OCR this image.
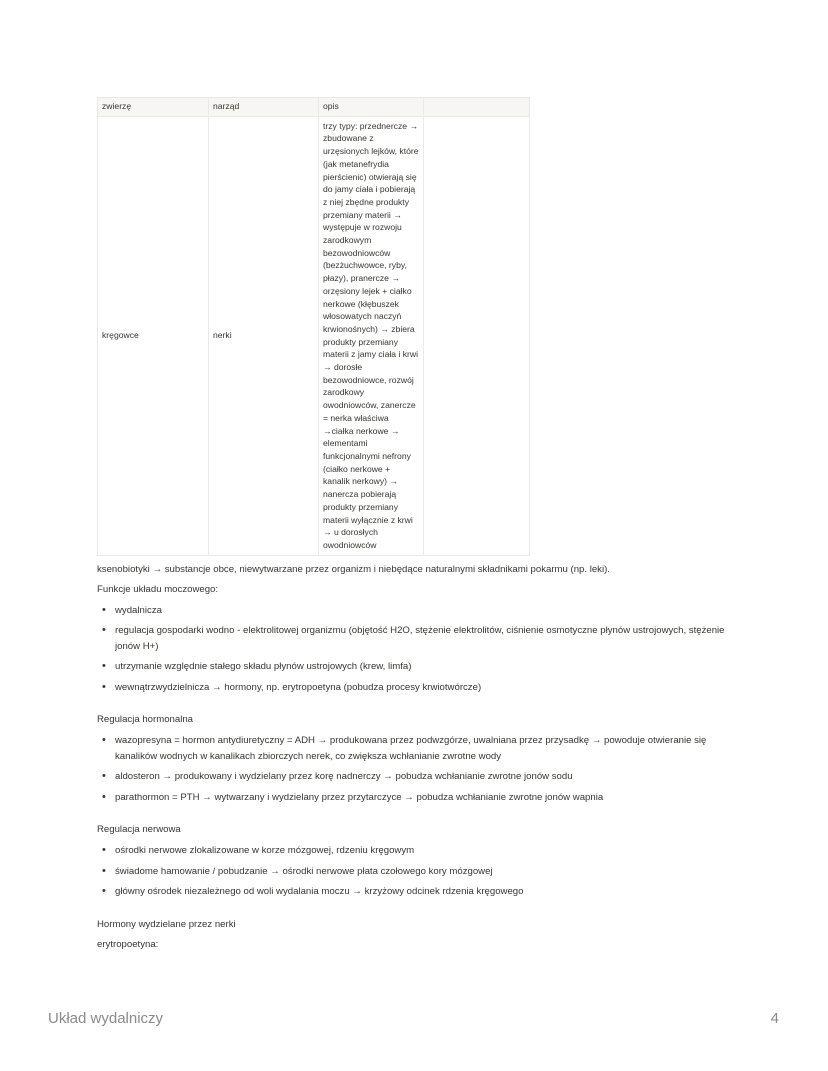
zwierzę	narząd	opis	
kręgowce	nerki	trzy typy: przednercze → zbudowane z urzęsionych lejków, które (jak metanefrydia pierścienic) otwierają się do jamy ciała i pobierają z niej zbędne produkty przemiany materii → występuje w rozwoju zarodkowym bezowodniowców (bezżuchwowce, ryby, płazy), pranercze → orzęsiony lejek + ciałko nerkowe (kłębuszek włosowatych naczyń krwionośnych) → zbiera produkty przemiany materii z jamy ciała i krwi → dorosłe bezowodniowce, rozwój zarodkowy owodniowców, zanercze = nerka właściwa →ciałka nerkowe → elementami funkcjonalnymi nefrony (ciałko nerkowe + kanalik nerkowy) → nanercza pobierają produkty przemiany materii wyłącznie z krwi → u dorosłych owodniowców	

ksenobiotyki → substancje obce, niewytwarzane przez organizm i niebędące naturalnymi składnikami pokarmu (np. leki).

Funkcje układu moczowego:

• wydalnicza
• regulacja gospodarki wodno - elektrolitowej organizmu (objętość H2O, stężenie elektrolitów, ciśnienie osmotyczne płynów ustrojowych, stężenie jonów H+)
• utrzymanie względnie stałego składu płynów ustrojowych (krew, limfa)
• wewnątrzwydzielnicza → hormony, np. erytropoetyna (pobudza procesy krwiotwórcze)

Regulacja hormonalna

• wazopresyna = hormon antydiuretyczny = ADH → produkowana przez podwzgórze, uwalniana przez przysadkę → powoduje otwieranie się kanalików wodnych w kanalikach zbiorczych nerek, co zwiększa wchłanianie zwrotne wody
• aldosteron → produkowany i wydzielany przez korę nadnerczy → pobudza wchłanianie zwrotne jonów sodu
• parathormon = PTH → wytwarzany i wydzielany przez przytarczyce → pobudza wchłanianie zwrotne jonów wapnia

Regulacja nerwowa

• ośrodki nerwowe zlokalizowane w korze mózgowej, rdzeniu kręgowym
• świadome hamowanie / pobudzanie → ośrodki nerwowe płata czołowego kory mózgowej
• główny ośrodek niezależnego od woli wydalania moczu → krzyżowy odcinek rdzenia kręgowego

Hormony wydzielane przez nerki

erytropoetyna:

Układ wydalniczy	4
